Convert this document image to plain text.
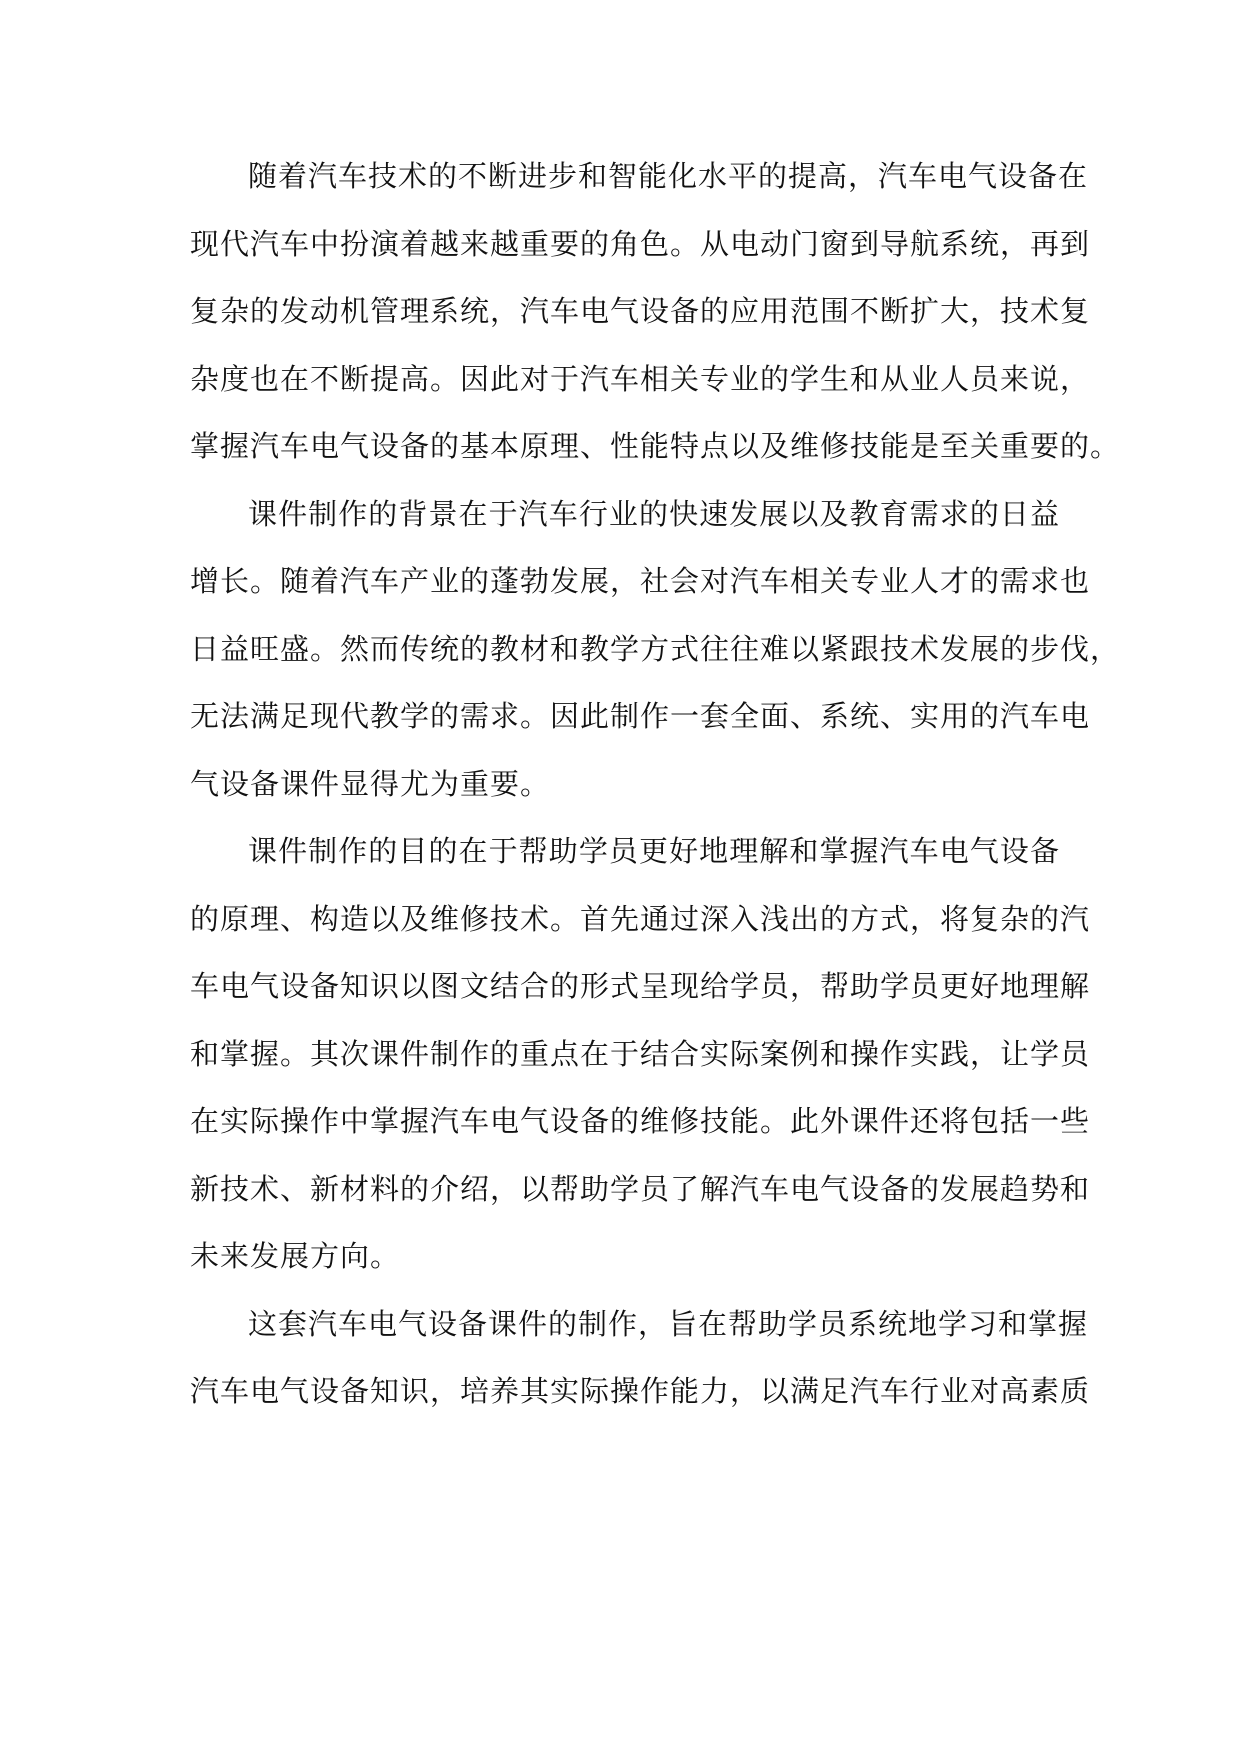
随着汽车技术的不断进步和智能化水平的提高，汽车电气设备在
现代汽车中扮演着越来越重要的角色。从电动门窗到导航系统，再到
复杂的发动机管理系统，汽车电气设备的应用范围不断扩大，技术复
杂度也在不断提高。因此对于汽车相关专业的学生和从业人员来说，
掌握汽车电气设备的基本原理、性能特点以及维修技能是至关重要的。
课件制作的背景在于汽车行业的快速发展以及教育需求的日益
增长。随着汽车产业的蓬勃发展，社会对汽车相关专业人才的需求也
日益旺盛。然而传统的教材和教学方式往往难以紧跟技术发展的步伐，
无法满足现代教学的需求。因此制作一套全面、系统、实用的汽车电
气设备课件显得尤为重要。
课件制作的目的在于帮助学员更好地理解和掌握汽车电气设备
的原理、构造以及维修技术。首先通过深入浅出的方式，将复杂的汽
车电气设备知识以图文结合的形式呈现给学员，帮助学员更好地理解
和掌握。其次课件制作的重点在于结合实际案例和操作实践，让学员
在实际操作中掌握汽车电气设备的维修技能。此外课件还将包括一些
新技术、新材料的介绍，以帮助学员了解汽车电气设备的发展趋势和
未来发展方向。
这套汽车电气设备课件的制作，旨在帮助学员系统地学习和掌握
汽车电气设备知识，培养其实际操作能力，以满足汽车行业对高素质
